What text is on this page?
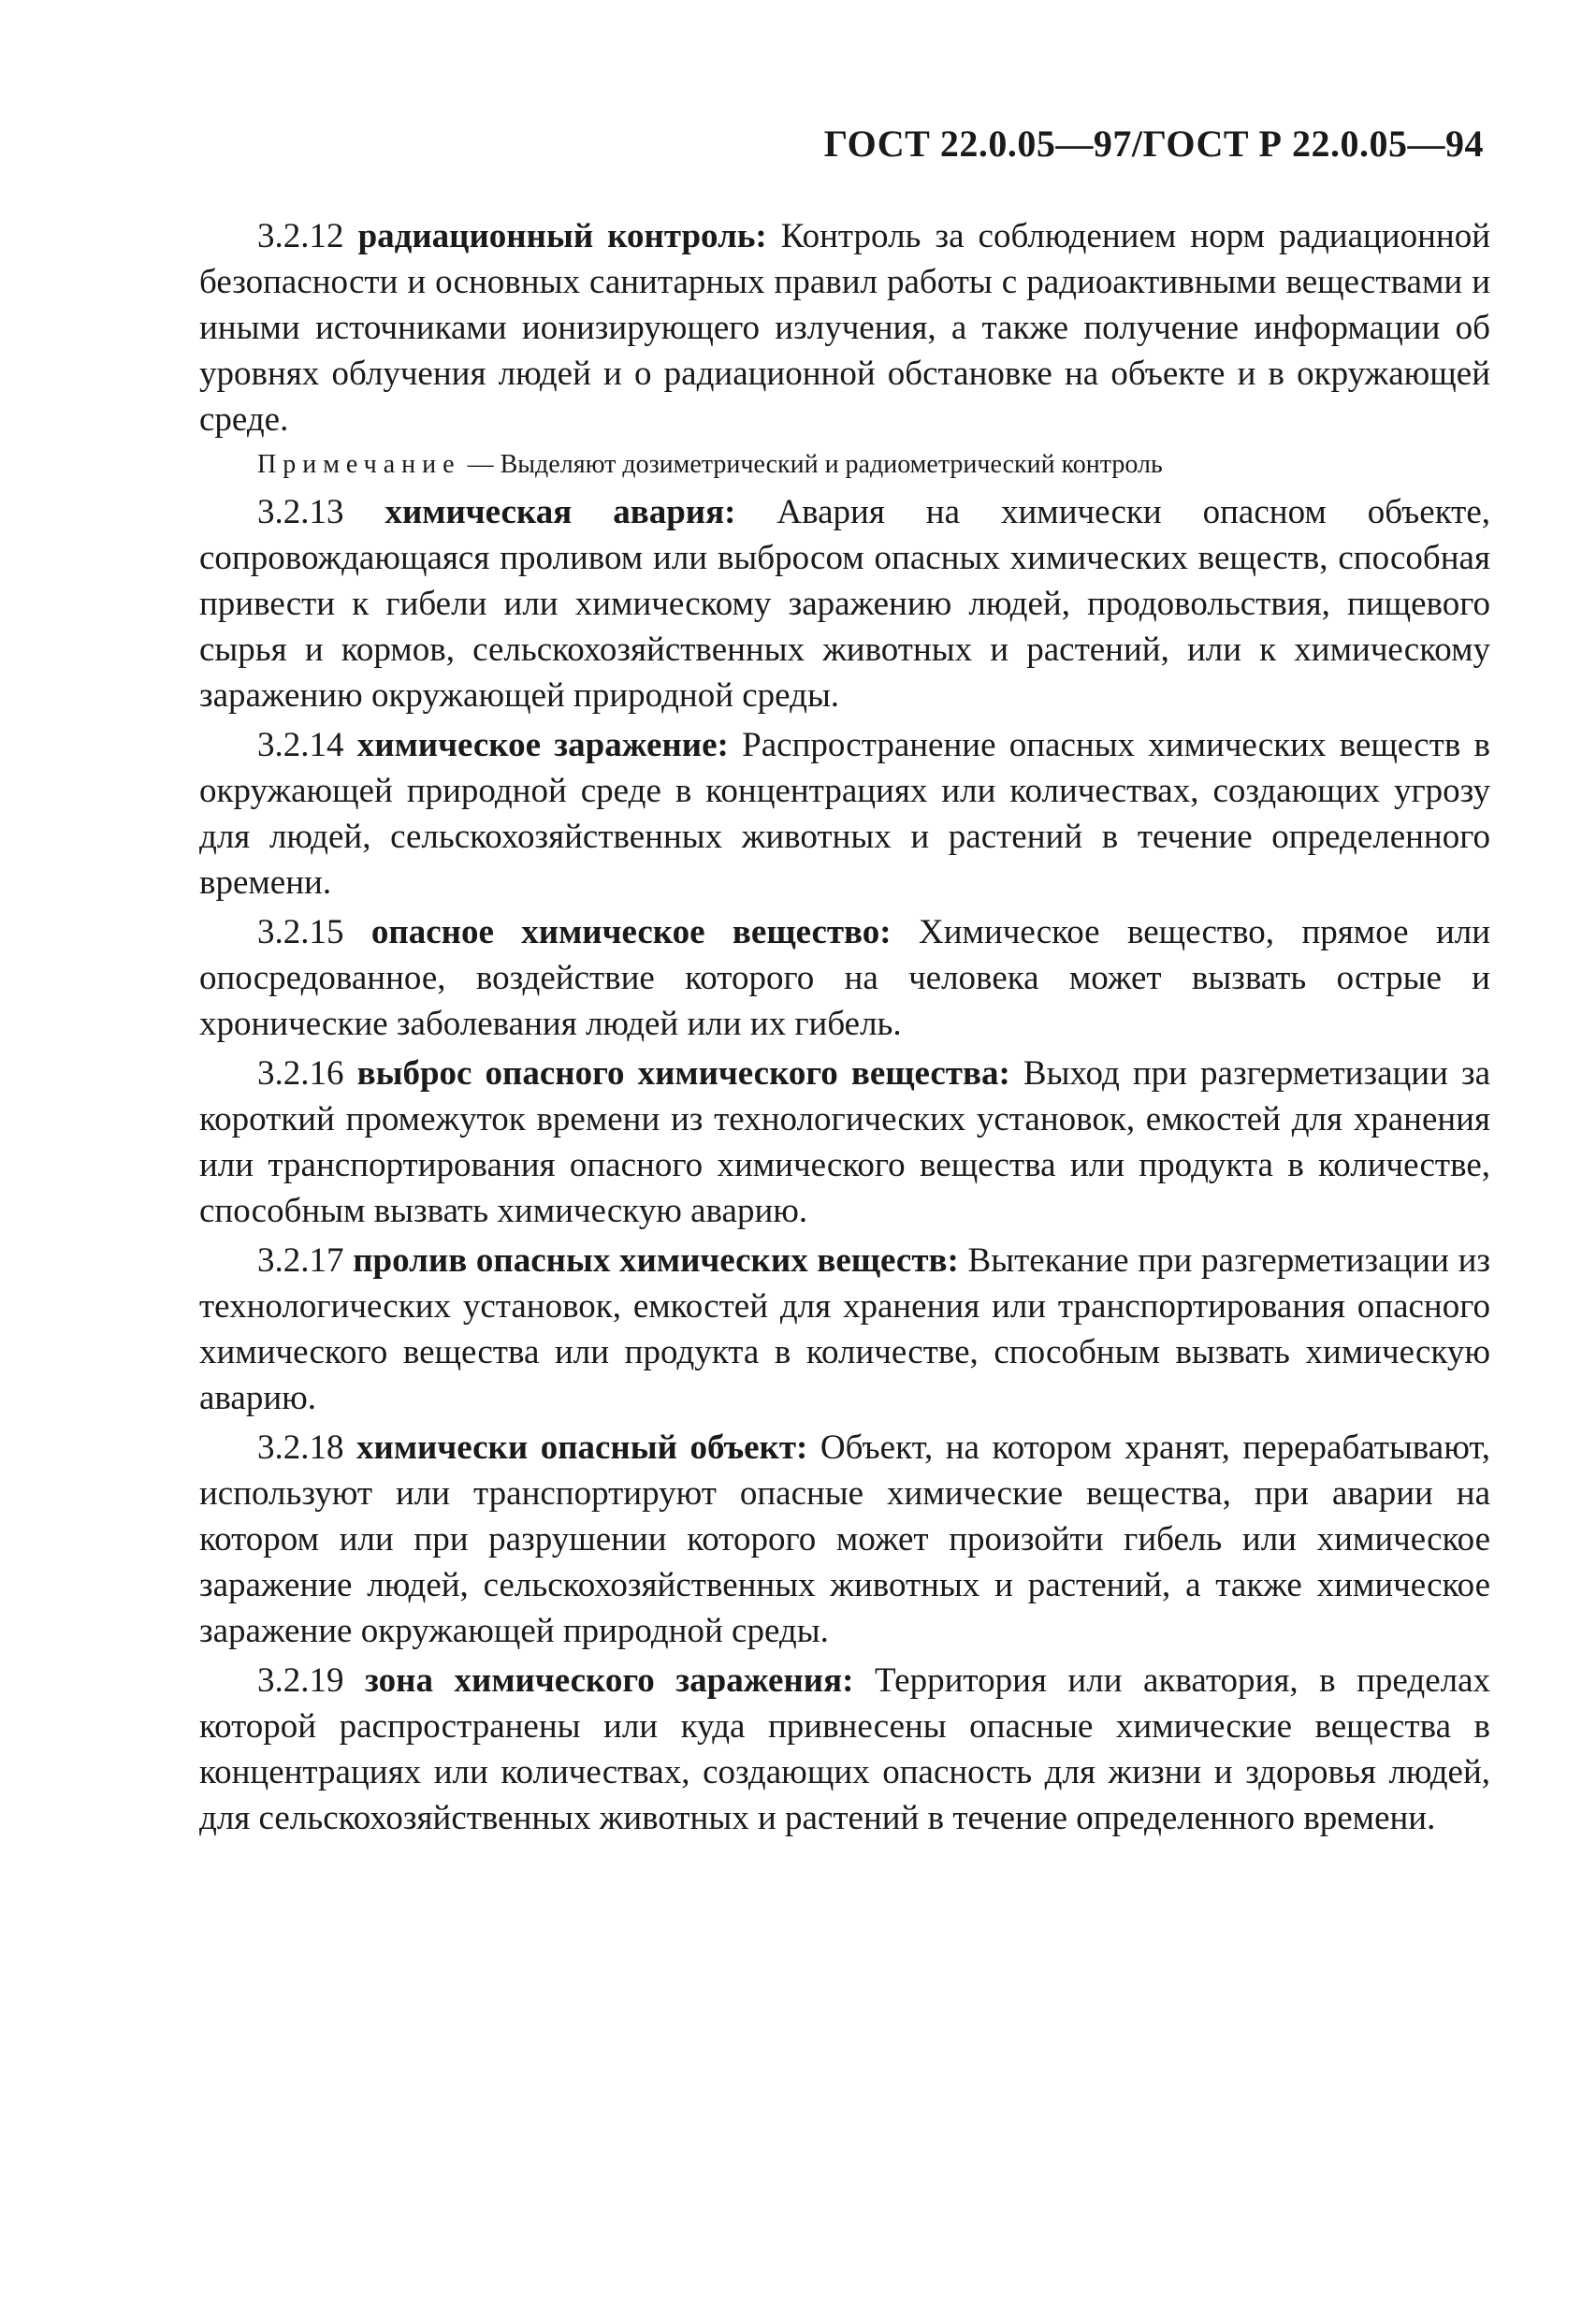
ГОСТ 22.0.05—97/ГОСТ Р 22.0.05—94

3.2.12 радиационный контроль: Контроль за соблюдением норм радиационной безопасности и основных санитарных правил работы с радиоактивными веществами и иными источниками ионизирующего излучения, а также получение информации об уровнях облучения людей и о радиационной обстановке на объекте и в окружающей среде.

Примечание — Выделяют дозиметрический и радиометрический контроль

3.2.13 химическая авария: Авария на химически опасном объекте, сопровождающаяся проливом или выбросом опасных химических веществ, способная привести к гибели или химическому заражению людей, продовольствия, пищевого сырья и кормов, сельскохозяйственных животных и растений, или к химическому заражению окружающей природной среды.

3.2.14 химическое заражение: Распространение опасных химических веществ в окружающей природной среде в концентрациях или количествах, создающих угрозу для людей, сельскохозяйственных животных и растений в течение определенного времени.

3.2.15 опасное химическое вещество: Химическое вещество, прямое или опосредованное, воздействие которого на человека может вызвать острые и хронические заболевания людей или их гибель.

3.2.16 выброс опасного химического вещества: Выход при разгерметизации за короткий промежуток времени из технологических установок, емкостей для хранения или транспортирования опасного химического вещества или продукта в количестве, способным вызвать химическую аварию.

3.2.17 пролив опасных химических веществ: Вытекание при разгерметизации из технологических установок, емкостей для хранения или транспортирования опасного химического вещества или продукта в количестве, способным вызвать химическую аварию.

3.2.18 химически опасный объект: Объект, на котором хранят, перерабатывают, используют или транспортируют опасные химические вещества, при аварии на котором или при разрушении которого может произойти гибель или химическое заражение людей, сельскохозяйственных животных и растений, а также химическое заражение окружающей природной среды.

3.2.19 зона химического заражения: Территория или акватория, в пределах которой распространены или куда привнесены опасные химические вещества в концентрациях или количествах, создающих опасность для жизни и здоровья людей, для сельскохозяйственных животных и растений в течение определенного времени.
